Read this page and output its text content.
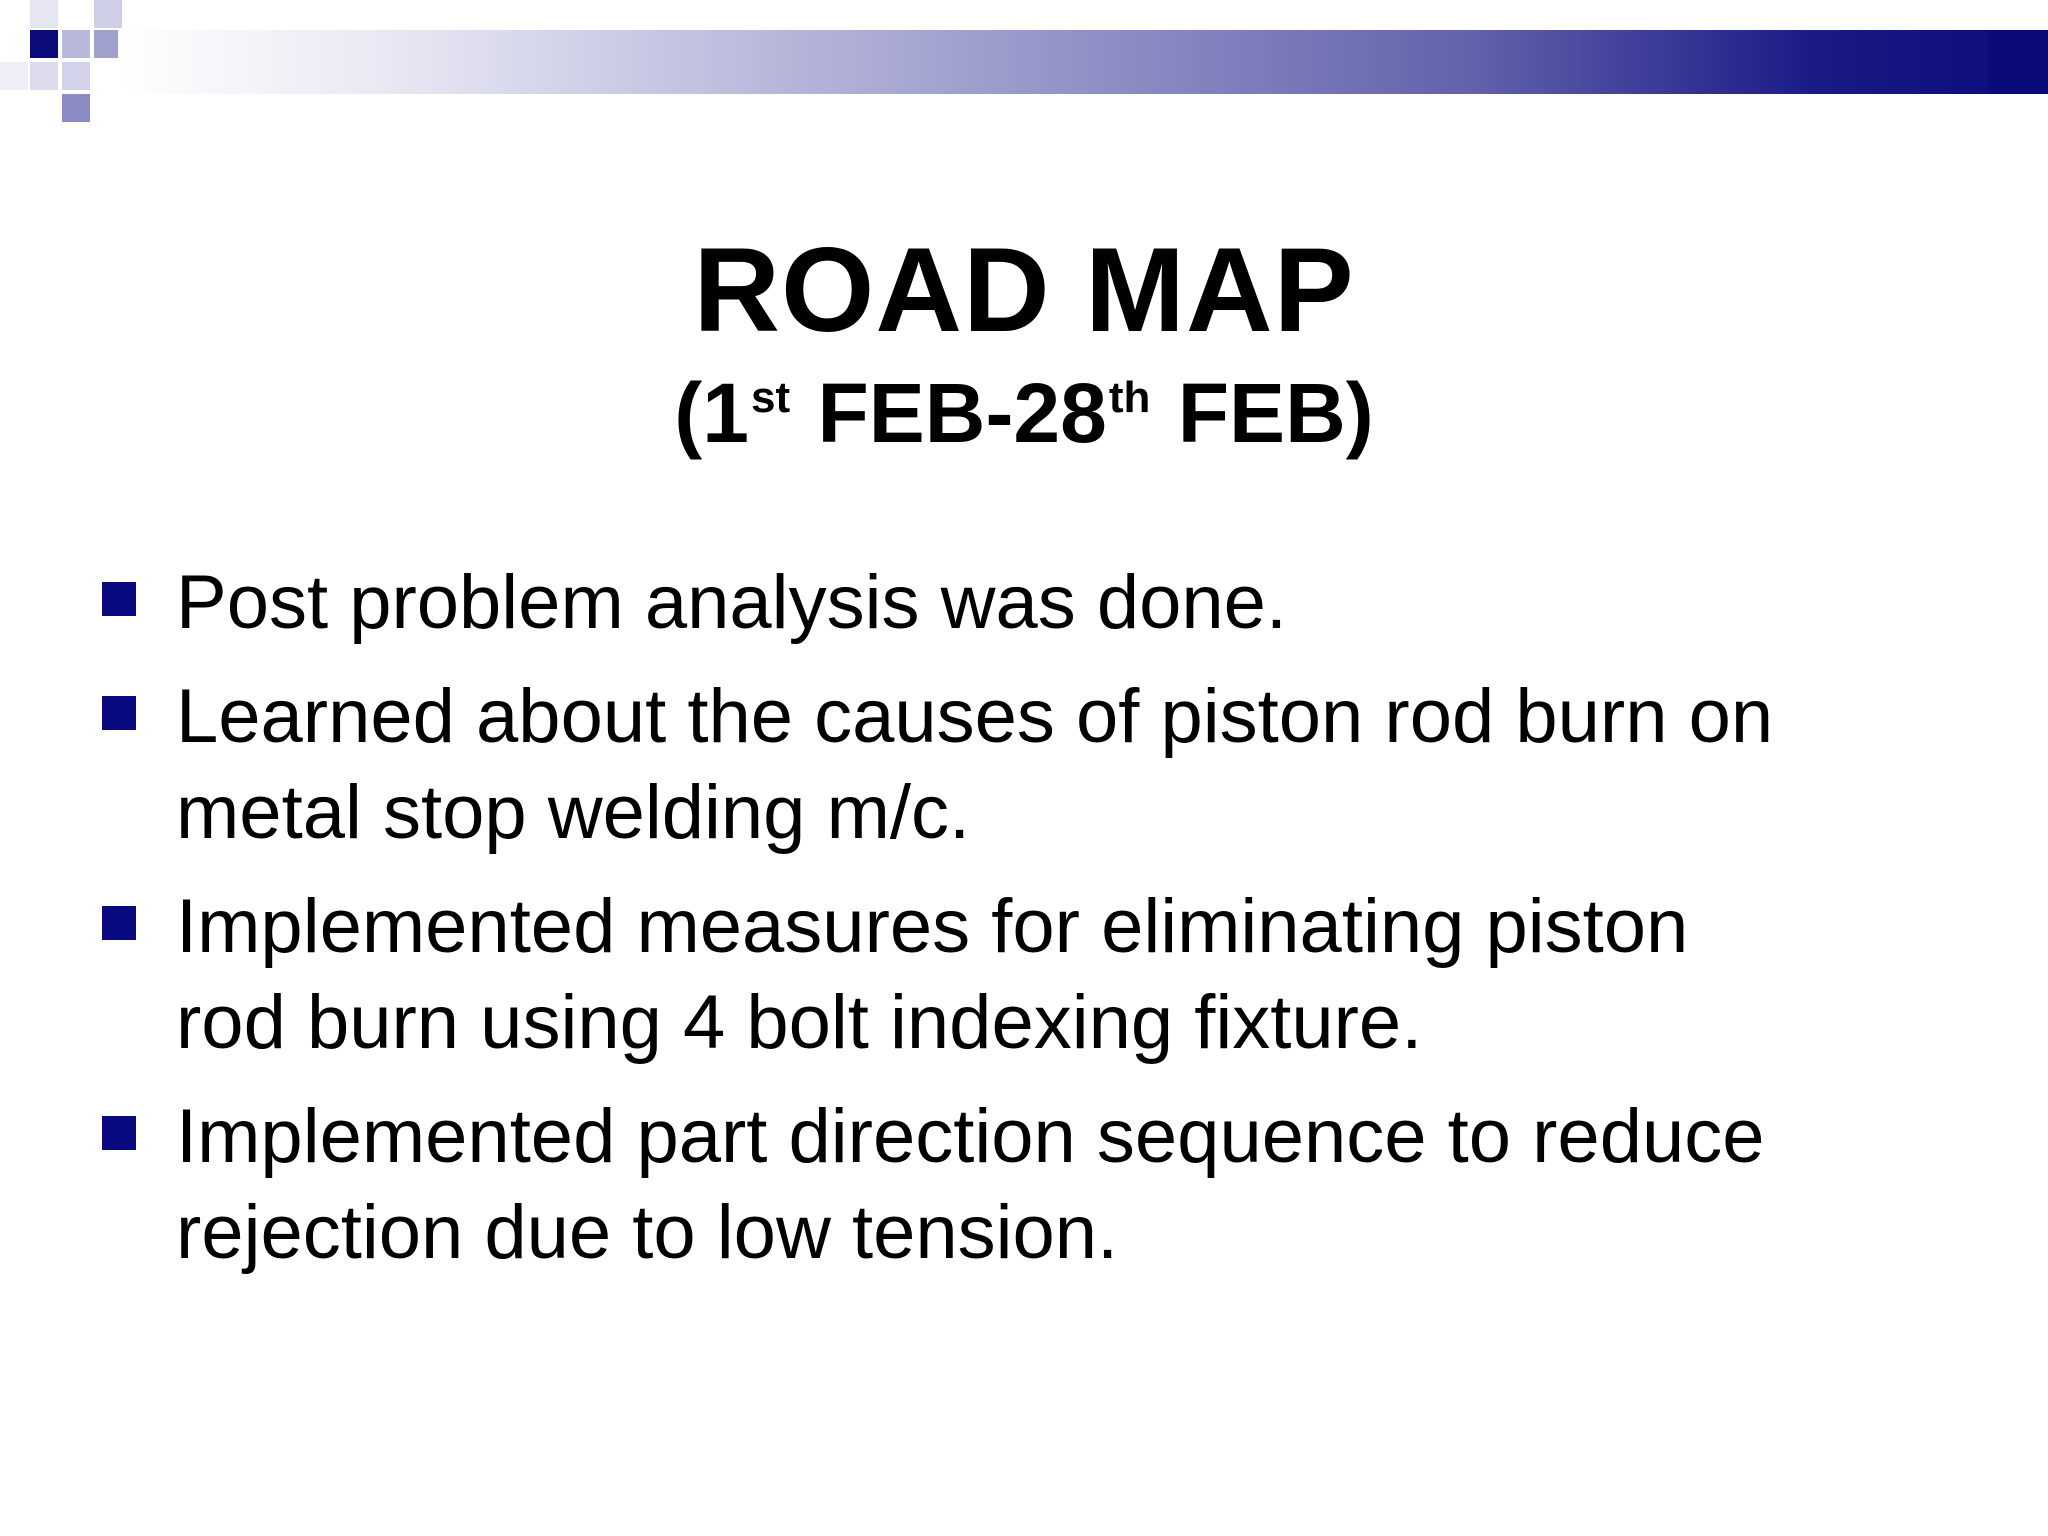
ROAD MAP
(1st FEB-28th FEB)
Post problem analysis was done.
Learned about the causes of piston rod burn on
metal stop welding m/c.
Implemented measures for eliminating piston
rod burn using 4 bolt indexing fixture.
Implemented part direction sequence to reduce
rejection due to low tension.
